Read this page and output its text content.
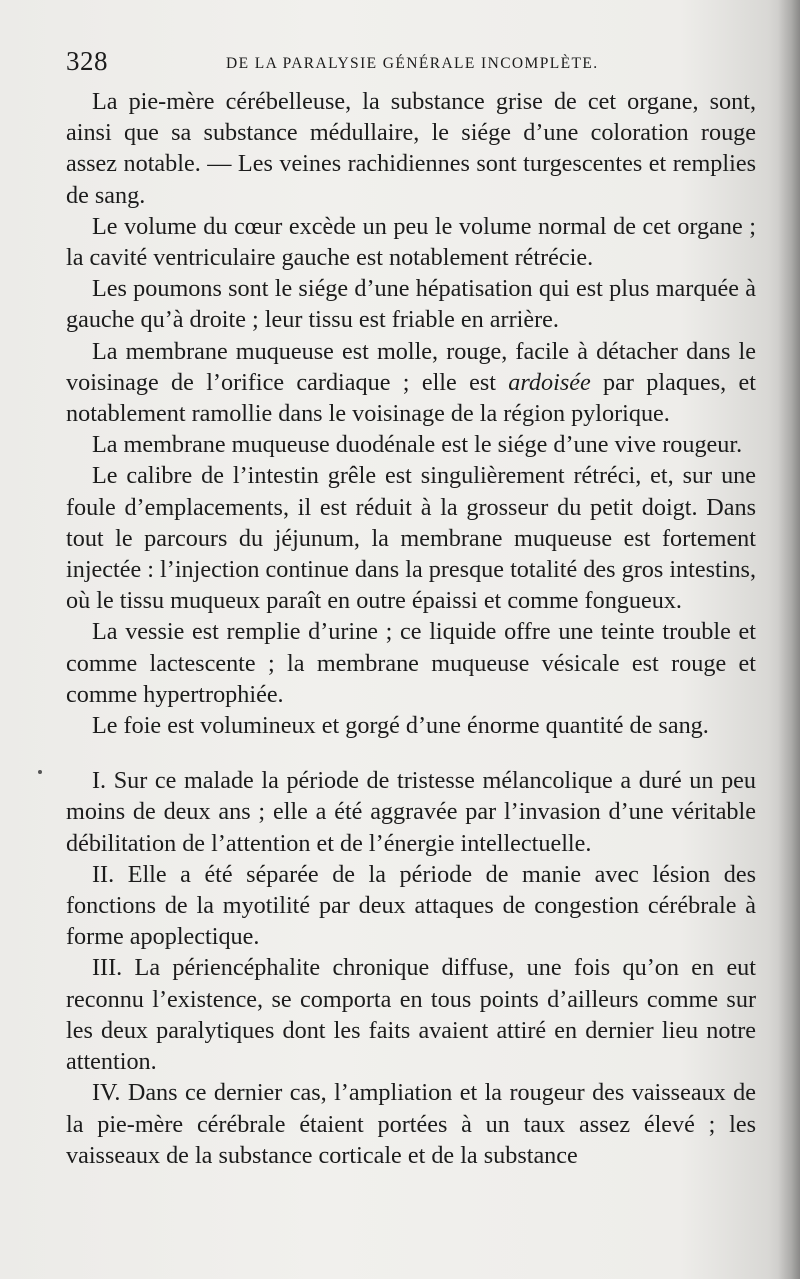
328	DE LA PARALYSIE GÉNÉRALE INCOMPLÈTE.

La pie-mère cérébelleuse, la substance grise de cet organe, sont, ainsi que sa substance médullaire, le siége d’une coloration rouge assez notable. — Les veines rachidiennes sont turgescentes et remplies de sang.

Le volume du cœur excède un peu le volume normal de cet organe ; la cavité ventriculaire gauche est notablement rétrécie.

Les poumons sont le siége d’une hépatisation qui est plus marquée à gauche qu’à droite ; leur tissu est friable en arrière.

La membrane muqueuse est molle, rouge, facile à détacher dans le voisinage de l’orifice cardiaque ; elle est ardoisée par plaques, et notablement ramollie dans le voisinage de la région pylorique.

La membrane muqueuse duodénale est le siége d’une vive rougeur.

Le calibre de l’intestin grêle est singulièrement rétréci, et, sur une foule d’emplacements, il est réduit à la grosseur du petit doigt. Dans tout le parcours du jéjunum, la membrane muqueuse est fortement injectée : l’injection continue dans la presque totalité des gros intestins, où le tissu muqueux paraît en outre épaissi et comme fongueux.

La vessie est remplie d’urine ; ce liquide offre une teinte trouble et comme lactescente ; la membrane muqueuse vésicale est rouge et comme hypertrophiée.

Le foie est volumineux et gorgé d’une énorme quantité de sang.

I. Sur ce malade la période de tristesse mélancolique a duré un peu moins de deux ans ; elle a été aggravée par l’invasion d’une véritable débilitation de l’attention et de l’énergie intellectuelle.

II. Elle a été séparée de la période de manie avec lésion des fonctions de la myotilité par deux attaques de congestion cérébrale à forme apoplectique.

III. La périencéphalite chronique diffuse, une fois qu’on en eut reconnu l’existence, se comporta en tous points d’ailleurs comme sur les deux paralytiques dont les faits avaient attiré en dernier lieu notre attention.

IV. Dans ce dernier cas, l’ampliation et la rougeur des vaisseaux de la pie-mère cérébrale étaient portées à un taux assez élevé ; les vaisseaux de la substance corticale et de la substance
